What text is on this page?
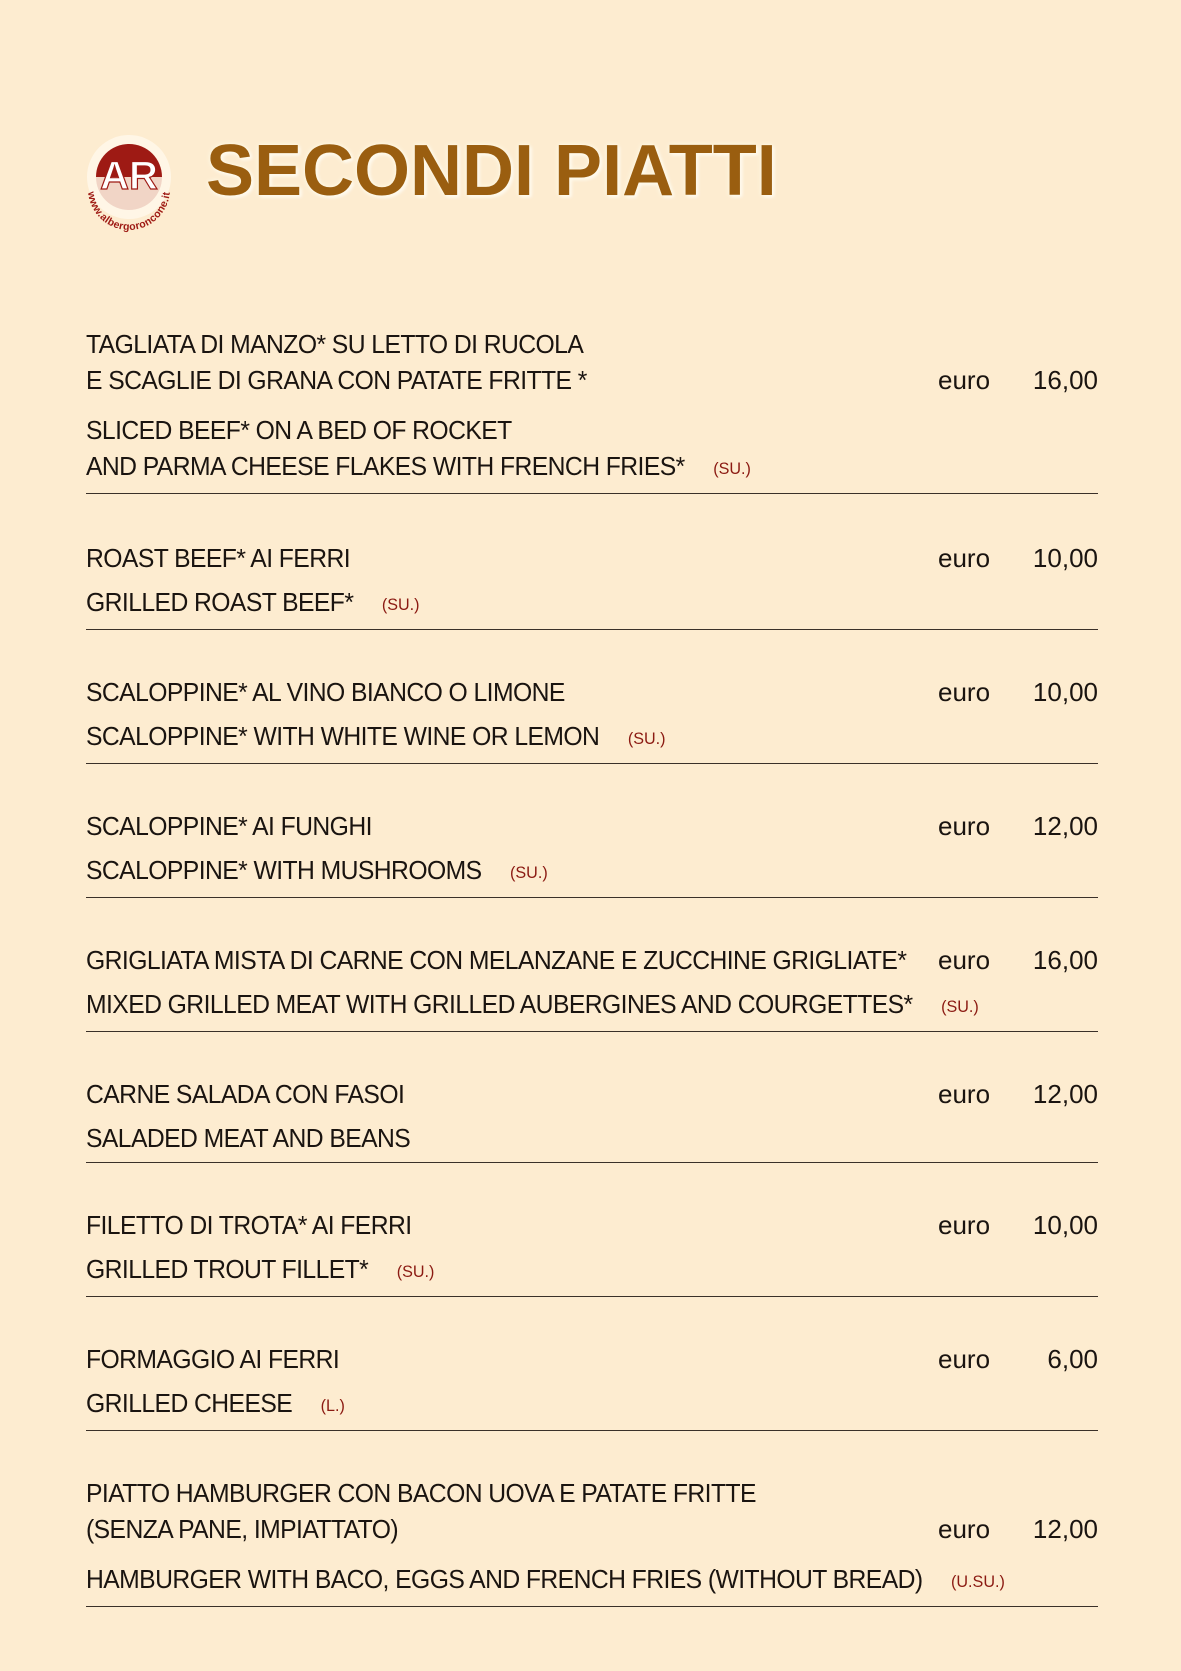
AR
www.albergoroncone.it SECONDI PIATTI
TAGLIATA DI MANZO* SU LETTO DI RUCOLA
E SCAGLIE DI GRANA CON PATATE FRITTE *
SLICED BEEF* ON A BED OF ROCKET
AND PARMA CHEESE FLAKES WITH FRENCH FRIES* (SU.)
euro 16,00
ROAST BEEF* AI FERRI
GRILLED ROAST BEEF* (SU.)
euro 10,00
SCALOPPINE* AL VINO BIANCO O LIMONE
SCALOPPINE* WITH WHITE WINE OR LEMON (SU.)
euro 10,00
SCALOPPINE* AI FUNGHI
SCALOPPINE* WITH MUSHROOMS (SU.)
euro 12,00
GRIGLIATA MISTA DI CARNE CON MELANZANE E ZUCCHINE GRIGLIATE*
MIXED GRILLED MEAT WITH GRILLED AUBERGINES AND COURGETTES* (SU.)
euro 16,00
CARNE SALADA CON FASOI
SALADED MEAT AND BEANS
euro 12,00
FILETTO DI TROTA* AI FERRI
GRILLED TROUT FILLET* (SU.)
euro 10,00
FORMAGGIO AI FERRI
GRILLED CHEESE (L.)
euro 6,00
PIATTO HAMBURGER CON BACON UOVA E PATATE FRITTE
(SENZA PANE, IMPIATTATO)
HAMBURGER WITH BACO, EGGS AND FRENCH FRIES (WITHOUT BREAD) (U.SU.)
euro 12,00
